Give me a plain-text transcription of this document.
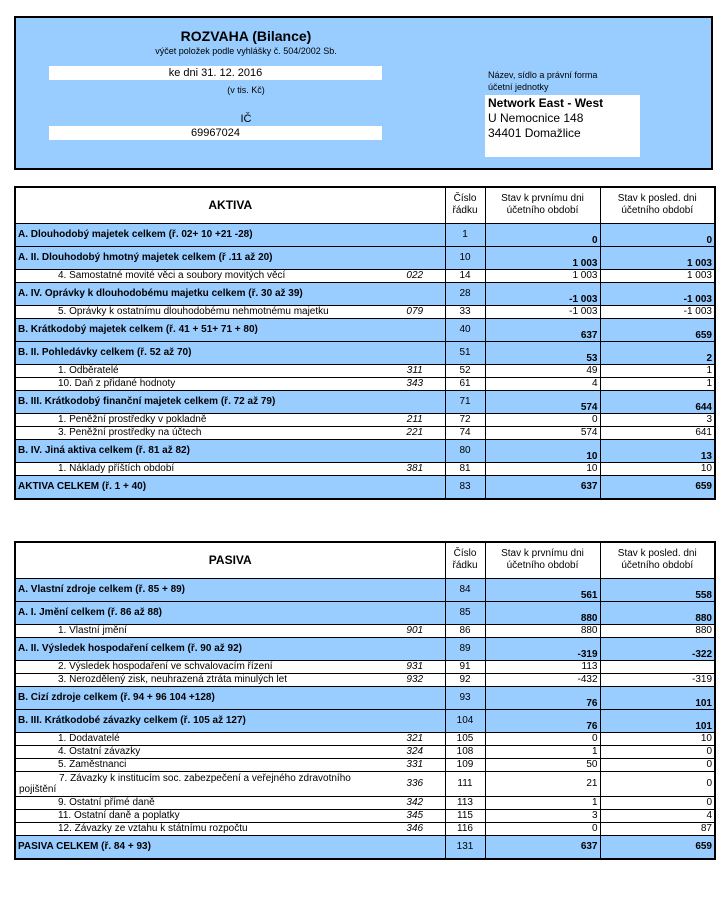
ROZVAHA (Bilance)
výčet položek podle vyhlášky č. 504/2002 Sb.
ke dni 31. 12. 2016
(v tis. Kč)
IČ
69967024
Název, sídlo a právní forma
účetní jednotky
Network East - West
U Nemocnice 148
34401 Domažlice
AKTIVA		Číslo řádku	Stav k prvnímu dni účetního období	Stav k posled. dni účetního období
A. Dlouhodobý majetek celkem (ř. 02+ 10 +21 -28)		1	0	0
A. II. Dlouhodobý hmotný majetek celkem (ř .11 až 20)		10	1 003	1 003
4. Samostatné movité věci a soubory movitých věcí	022	14	1 003	1 003
A. IV. Oprávky k dlouhodobému majetku celkem (ř. 30 až 39)		28	-1 003	-1 003
5. Oprávky k ostatnímu dlouhodobému nehmotnému majetku	079	33	-1 003	-1 003
B. Krátkodobý majetek celkem (ř. 41 + 51+ 71 + 80)		40	637	659
B. II. Pohledávky celkem (ř. 52 až 70)		51	53	2
1. Odběratelé	311	52	49	1
10. Daň z přidané hodnoty	343	61	4	1
B. III. Krátkodobý finanční majetek celkem (ř. 72 až 79)		71	574	644
1. Peněžní prostředky v pokladně	211	72	0	3
3. Peněžní prostředky na účtech	221	74	574	641
B. IV. Jiná aktiva celkem (ř. 81 až 82)		80	10	13
1. Náklady příštích období	381	81	10	10
AKTIVA CELKEM (ř. 1 + 40)		83	637	659
PASIVA		Číslo řádku	Stav k prvnímu dni účetního období	Stav k posled. dni účetního období
A. Vlastní zdroje celkem (ř. 85 + 89)		84	561	558
A. I. Jmění celkem (ř. 86 až 88)		85	880	880
1. Vlastní jmění	901	86	880	880
A. II. Výsledek hospodaření celkem (ř. 90 až 92)		89	-319	-322
2. Výsledek hospodaření ve schvalovacím řízení	931	91	113	
3. Nerozdělený zisk, neuhrazená ztráta minulých let	932	92	-432	-319
B. Cizí zdroje celkem (ř. 94 + 96 104 +128)		93	76	101
B. III. Krátkodobé závazky celkem (ř. 105 až 127)		104	76	101
1. Dodavatelé	321	105	0	10
4. Ostatní závazky	324	108	1	0
5. Zaměstnanci	331	109	50	0
7. Závazky k institucím soc. zabezpečení a veřejného zdravotního pojištění	336	111	21	0
9. Ostatní přímé daně	342	113	1	0
11. Ostatní daně a poplatky	345	115	3	4
12. Závazky ze vztahu k státnímu rozpočtu	346	116	0	87
PASIVA CELKEM (ř. 84 + 93)		131	637	659
